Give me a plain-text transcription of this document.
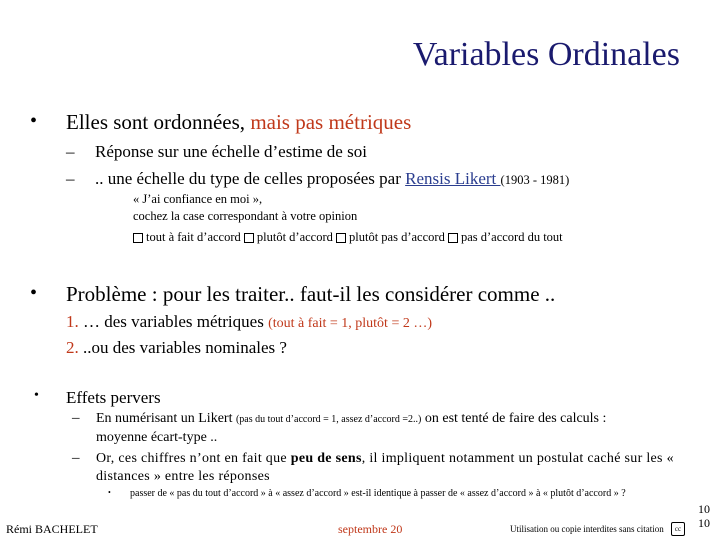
Variables Ordinales
• Elles sont ordonnées, mais pas métriques
– Réponse sur une échelle d’estime de soi
– .. une échelle du type de celles proposées par Rensis Likert (1903 - 1981)
« J’ai confiance en moi »,
cochez la case correspondant à votre opinion
tout à fait d’accord plutôt d’accord plutôt pas d’accord pas d’accord du tout
• Problème : pour les traiter.. faut-il les considérer comme ..
1. … des variables métriques (tout à fait = 1, plutôt = 2 …)
2. ..ou des variables nominales ?
• Effets pervers
– En numérisant un Likert (pas du tout d’accord = 1, assez d’accord =2..) on est tenté de faire des calculs : moyenne écart-type ..
– Or, ces chiffres n’ont en fait que peu de sens, il impliquent notamment un postulat caché sur les « distances » entre les réponses
• passer de « pas du tout d’accord » à « assez d’accord » est-il identique à passer de « assez d’accord » à « plutôt d’accord » ?
Rémi BACHELET	septembre 20	Utilisation ou copie interdites sans citation	cc
10
10
